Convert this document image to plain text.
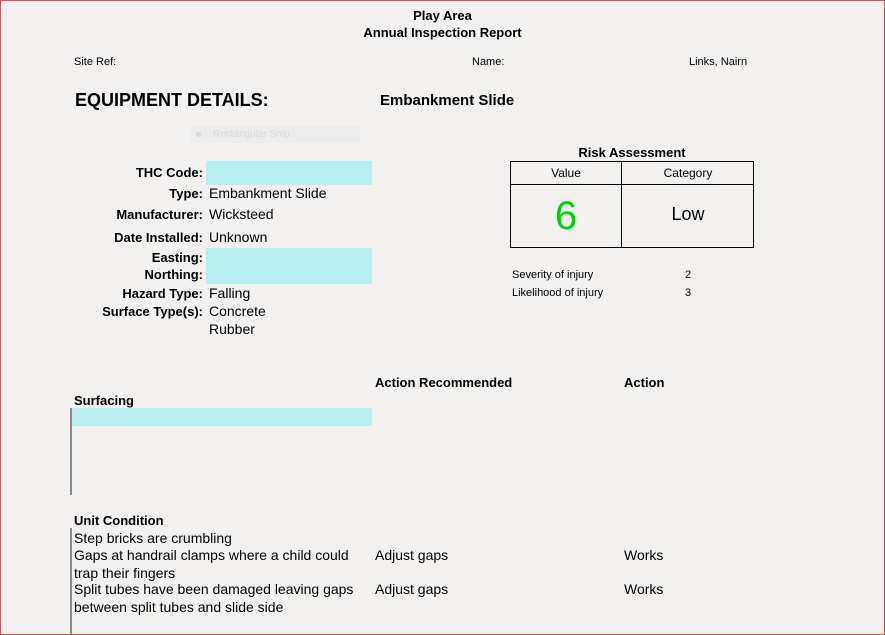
Play Area
Annual Inspection Report
Site Ref:	Name:	Links, Nairn
EQUIPMENT DETAILS:	Embankment Slide
Rectangular Snip
THC Code:
Type: Embankment Slide
Manufacturer: Wicksteed
Date Installed: Unknown
Easting:
Northing:
Hazard Type: Falling
Surface Type(s): Concrete
Rubber
Risk Assessment
Value	Category
6	Low
Severity of injury	2
Likelihood of injury	3
Action Recommended	Action
Surfacing
Unit Condition
Step bricks are crumbling
Gaps at handrail clamps where a child could
trap their fingers
Adjust gaps	Works
Split tubes have been damaged leaving gaps
between split tubes and slide side
Adjust gaps	Works
